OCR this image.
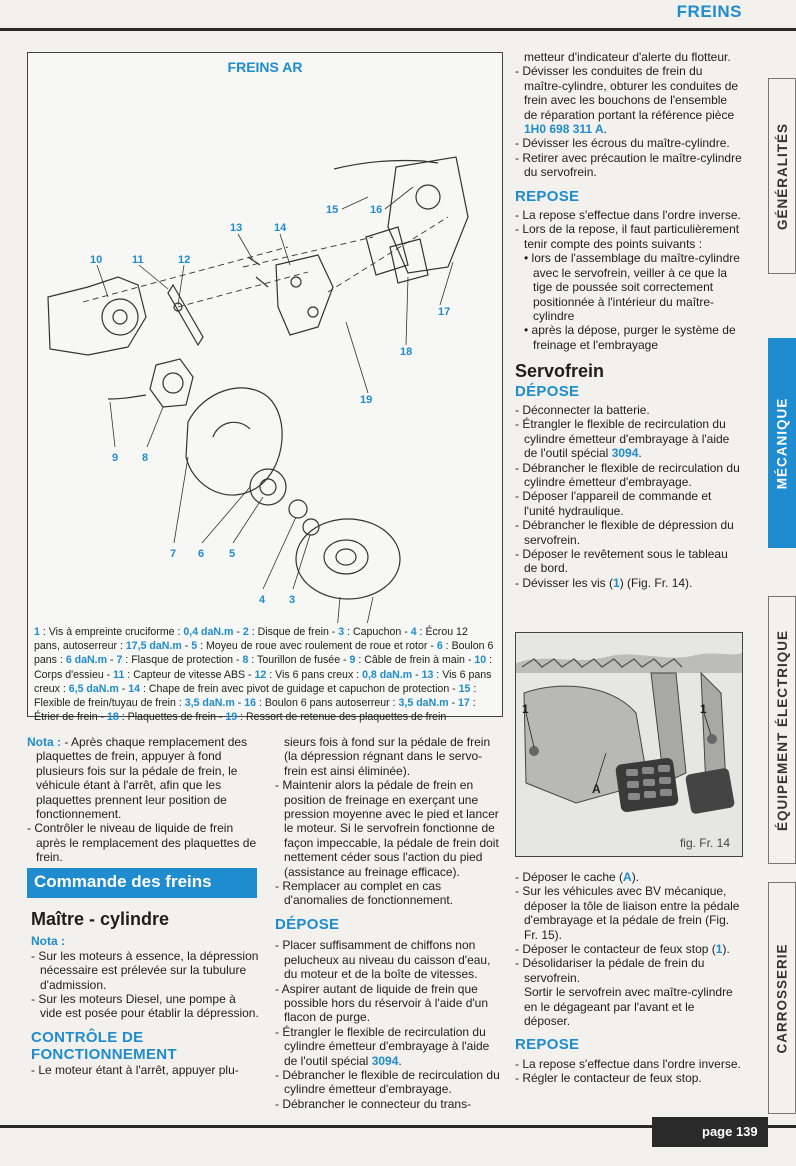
FREINS
GÉNÉRALITÉS
MÉCANIQUE
ÉQUIPEMENT ÉLECTRIQUE
CARROSSERIE
FREINS AR
10	11	12
13	14
15	16
17
18
19
9 8
7 6 5
4 3
1 : Vis à empreinte cruciforme : 0,4 daN.m - 2 : Disque de frein - 3 : Capuchon - 4 : Écrou 12 pans, autoserreur : 17,5 daN.m - 5 : Moyeu de roue avec roulement de roue et rotor - 6 : Boulon 6 pans : 6 daN.m - 7 : Flasque de protection - 8 : Tourillon de fusée - 9 : Câble de frein à main - 10 : Corps d'essieu - 11 : Capteur de vitesse ABS - 12 : Vis 6 pans creux : 0,8 daN.m - 13 : Vis 6 pans creux : 6,5 daN.m - 14 : Chape de frein avec pivot de guidage et capuchon de protection - 15 : Flexible de frein/tuyau de frein : 3,5 daN.m - 16 : Boulon 6 pans autoserreur : 3,5 daN.m - 17 : Étrier de frein - 18 : Plaquettes de frein - 19 : Ressort de retenue des plaquettes de frein

Nota : - Après chaque remplacement des plaquettes de frein, appuyer à fond plusieurs fois sur la pédale de frein, le véhicule étant à l'arrêt, afin que les plaquettes prennent leur position de fonctionnement.

- Contrôler le niveau de liquide de frein après le remplacement des plaquettes de frein.

Commande des freins

Maître - cylindre

Nota :

- Sur les moteurs à essence, la dépression nécessaire est prélevée sur la tubulure d'admission.

- Sur les moteurs Diesel, une pompe à vide est posée pour établir la dépression.

CONTRÔLE DE FONCTIONNEMENT

- Le moteur étant à l'arrêt, appuyer plu-

sieurs fois à fond sur la pédale de frein (la dépression régnant dans le servo-frein est ainsi éliminée).

- Maintenir alors la pédale de frein en position de freinage en exerçant une pression moyenne avec le pied et lancer le moteur. Si le servofrein fonctionne de façon impeccable, la pédale de frein doit nettement céder sous l'action du pied (assistance au freinage efficace).

- Remplacer au complet en cas d'anomalies de fonctionnement.

DÉPOSE

- Placer suffisamment de chiffons non pelucheux au niveau du caisson d'eau, du moteur et de la boîte de vitesses.

- Aspirer autant de liquide de frein que possible hors du réservoir à l'aide d'un flacon de purge.

- Étrangler le flexible de recirculation du cylindre émetteur d'embrayage à l'aide de l'outil spécial 3094.

- Débrancher le flexible de recirculation du cylindre émetteur d'embrayage.

- Débrancher le connecteur du trans-

metteur d'indicateur d'alerte du flotteur.

- Dévisser les conduites de frein du maître-cylindre, obturer les conduites de frein avec les bouchons de l'ensemble de réparation portant la référence pièce 1H0 698 311 A.

- Dévisser les écrous du maître-cylindre.

- Retirer avec précaution le maître-cylindre du servofrein.

REPOSE

- La repose s'effectue dans l'ordre inverse.

- Lors de la repose, il faut particulièrement tenir compte des points suivants :

• lors de l'assemblage du maître-cylindre avec le servofrein, veiller à ce que la tige de poussée soit correctement positionnée à l'intérieur du maître-cylindre

• après la dépose, purger le système de freinage et l'embrayage

Servofrein

DÉPOSE

- Déconnecter la batterie.

- Étrangler le flexible de recirculation du cylindre émetteur d'embrayage à l'aide de l'outil spécial 3094.

- Débrancher le flexible de recirculation du cylindre émetteur d'embrayage.

- Déposer l'appareil de commande et l'unité hydraulique.

- Débrancher le flexible de dépression du servofrein.

- Déposer le revêtement sous le tableau de bord.

- Dévisser les vis (1) (Fig. Fr. 14).

1	1
A
fig. Fr. 14

- Déposer le cache (A).

- Sur les véhicules avec BV mécanique, déposer la tôle de liaison entre la pédale d'embrayage et la pédale de frein (Fig. Fr. 15).

- Déposer le contacteur de feux stop (1).

- Désolidariser la pédale de frein du servofrein.

Sortir le servofrein avec maître-cylindre en le dégageant par l'avant et le déposer.

REPOSE

- La repose s'effectue dans l'ordre inverse.

- Régler le contacteur de feux stop.

page 139
